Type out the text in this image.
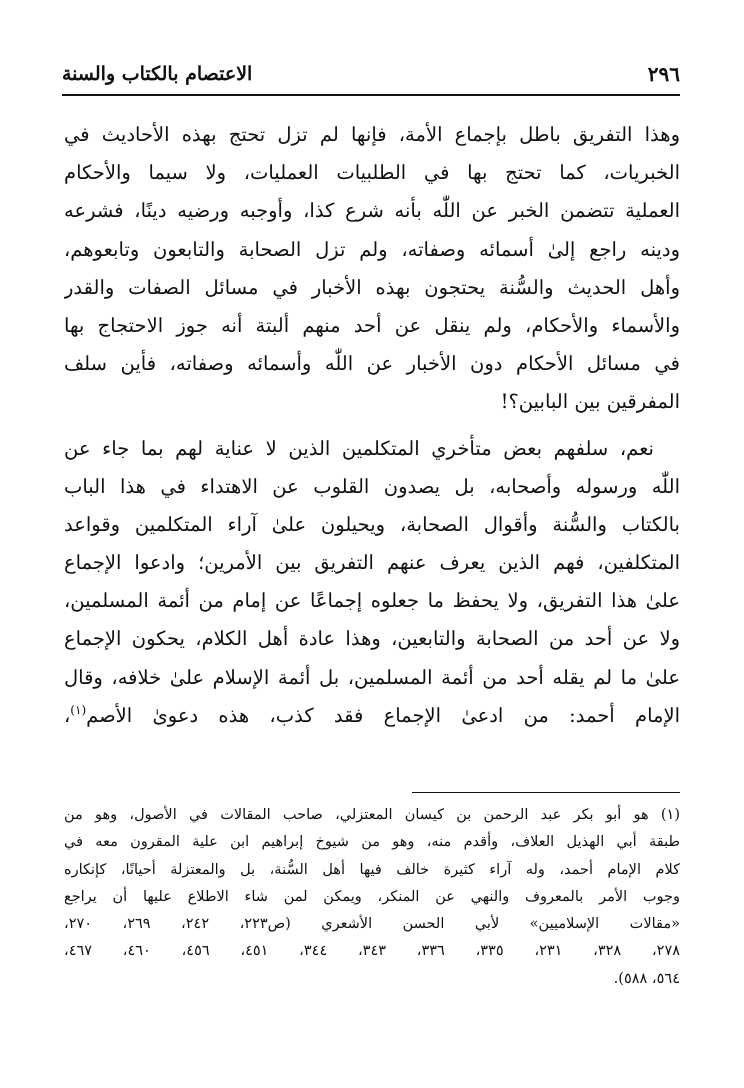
٢٩٦
الاعتصام بالكتاب والسنة
وهذا التفريق باطل بإجماع الأمة، فإنها لم تزل تحتج بهذه الأحاديث في
الخبريات، كما تحتج بها في الطلبيات العمليات، ولا سيما والأحكام
العملية تتضمن الخبر عن اللّٰه بأنه شرع كذا، وأوجبه ورضيه دينًا، فشرعه
ودينه راجع إلىٰ أسمائه وصفاته، ولم تزل الصحابة والتابعون وتابعوهم،
وأهل الحديث والسُّنة يحتجون بهذه الأخبار في مسائل الصفات والقدر
والأسماء والأحكام، ولم ينقل عن أحد منهم ألبتة أنه جوز الاحتجاج بها
في مسائل الأحكام دون الأخبار عن اللّٰه وأسمائه وصفاته، فأين سلف
المفرقين بين البابين؟!
نعم، سلفهم بعض متأخري المتكلمين الذين لا عناية لهم بما جاء عن
اللّٰه ورسوله وأصحابه، بل يصدون القلوب عن الاهتداء في هذا الباب
بالكتاب والسُّنة وأقوال الصحابة، ويحيلون علىٰ آراء المتكلمين وقواعد
المتكلفين، فهم الذين يعرف عنهم التفريق بين الأمرين؛ وادعوا الإجماع
علىٰ هذا التفريق، ولا يحفظ ما جعلوه إجماعًا عن إمام من أئمة المسلمين،
ولا عن أحد من الصحابة والتابعين، وهذا عادة أهل الكلام، يحكون الإجماع
علىٰ ما لم يقله أحد من أئمة المسلمين، بل أئمة الإسلام علىٰ خلافه، وقال
الإمام أحمد: من ادعىٰ الإجماع فقد كذب، هذه دعوىٰ الأصم$^{(١)}$،
(١) هو أبو بكر عبد الرحمن بن كيسان المعتزلي، صاحب المقالات في الأصول، وهو من
طبقة أبي الهذيل العلاف، وأقدم منه، وهو من شيوخ إبراهيم ابن علية المقرون معه في
كلام الإمام أحمد، وله آراء كثيرة خالف فيها أهل السُّنة، بل والمعتزلة أحيانًا، كإنكاره
وجوب الأمر بالمعروف والنهي عن المنكر، ويمكن لمن شاء الاطلاع عليها أن يراجع
«مقالات الإسلاميين» لأبي الحسن الأشعري (ص٢٢٣، ٢٤٢، ٢٦٩، ٢٧٠،
٢٧٨، ٣٢٨، ٢٣١، ٣٣٥، ٣٣٦، ٣٤٣، ٣٤٤، ٤٥١، ٤٥٦، ٤٦٠، ٤٦٧،
٥٦٤، ٥٨٨).
